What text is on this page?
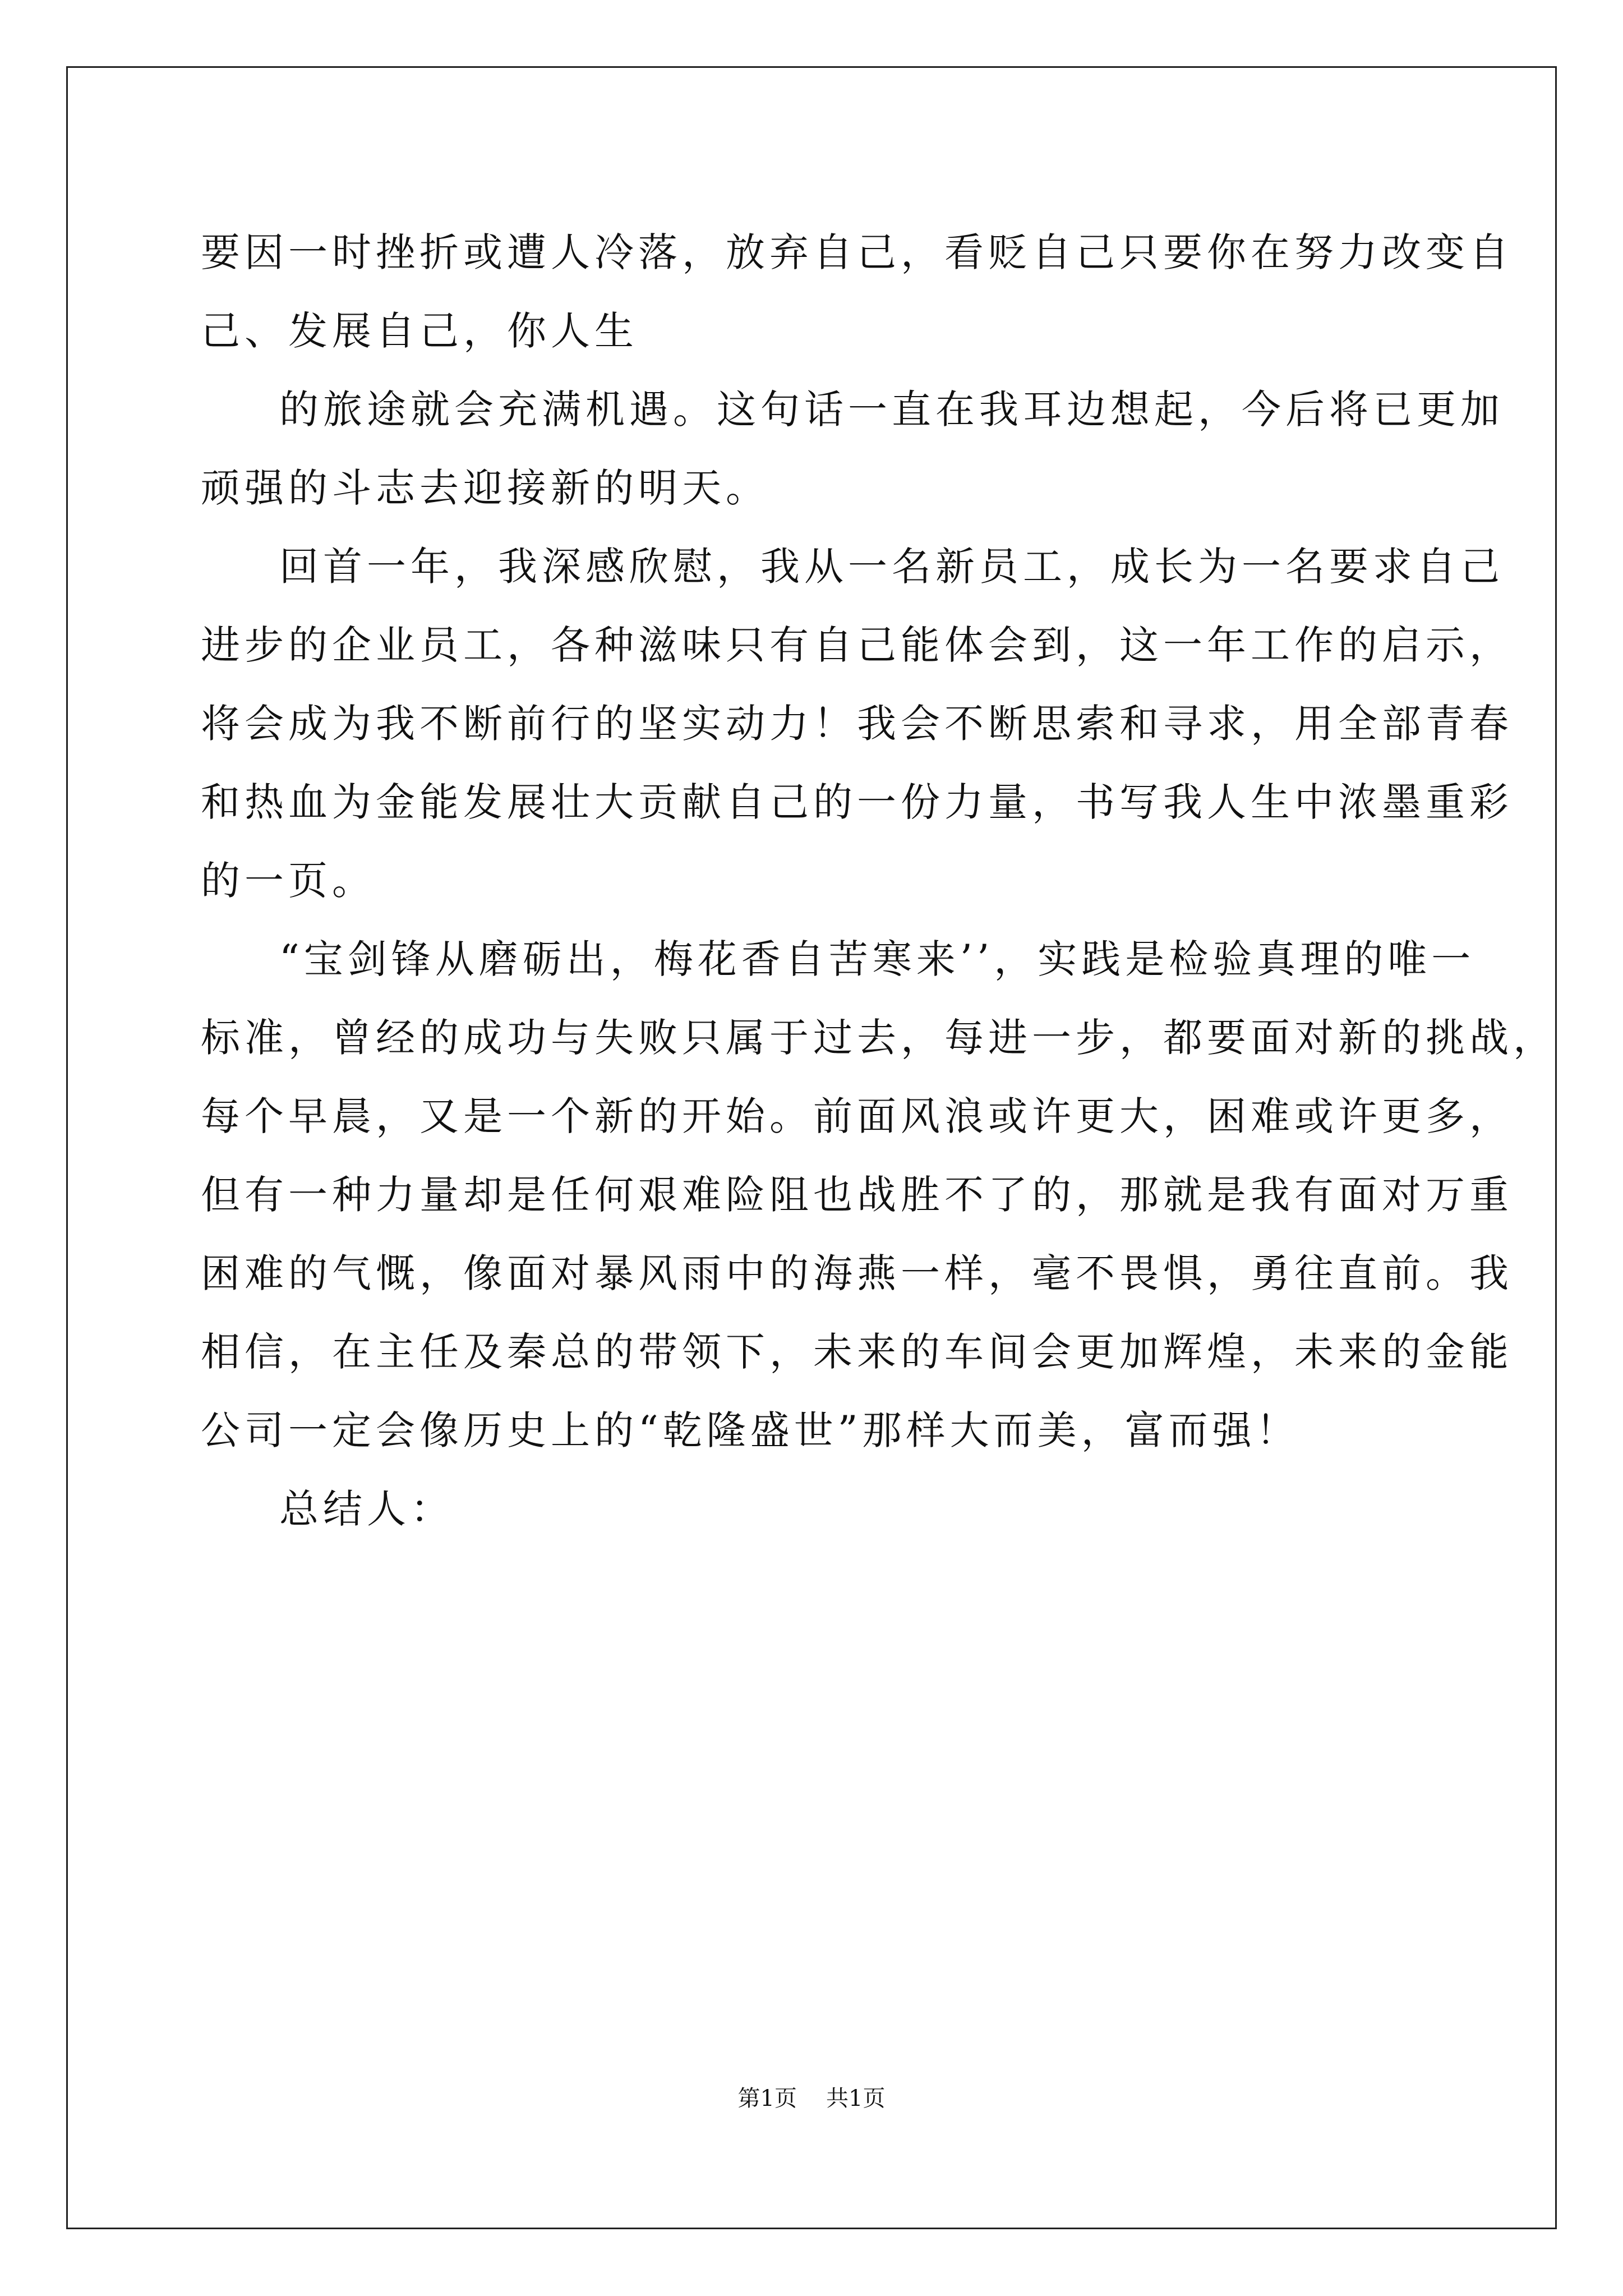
要因一时挫折或遭人冷落，放弃自己，看贬自己只要你在努力改变自

己、发展自己，你人生

的旅途就会充满机遇。这句话一直在我耳边想起，今后将已更加

顽强的斗志去迎接新的明天。

回首一年，我深感欣慰，我从一名新员工，成长为一名要求自己

进步的企业员工，各种滋味只有自己能体会到，这一年工作的启示，

将会成为我不断前行的坚实动力！我会不断思索和寻求，用全部青春

和热血为金能发展壮大贡献自己的一份力量，书写我人生中浓墨重彩

的一页。

“宝剑锋从磨砺出，梅花香自苦寒来’’，实践是检验真理的唯一

标准，曾经的成功与失败只属于过去，每进一步，都要面对新的挑战，

每个早晨，又是一个新的开始。前面风浪或许更大，困难或许更多，

但有一种力量却是任何艰难险阻也战胜不了的，那就是我有面对万重

困难的气慨，像面对暴风雨中的海燕一样，毫不畏惧，勇往直前。我

相信，在主任及秦总的带领下，未来的车间会更加辉煌，未来的金能

公司一定会像历史上的“乾隆盛世”那样大而美，富而强！

总结人：

第1页 共1页
